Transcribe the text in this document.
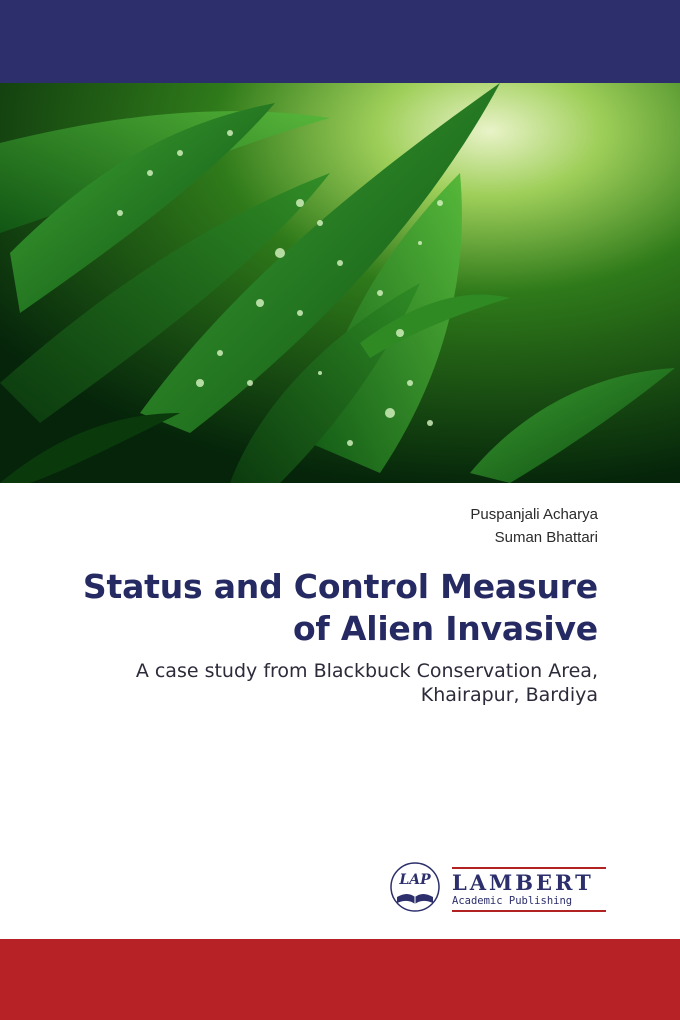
Puspanjali Acharya
Suman Bhattari
Status and Control Measure
of Alien Invasive
A case study from Blackbuck Conservation Area,
Khairapur, Bardiya
LAP LAMBERT
Academic Publishing
